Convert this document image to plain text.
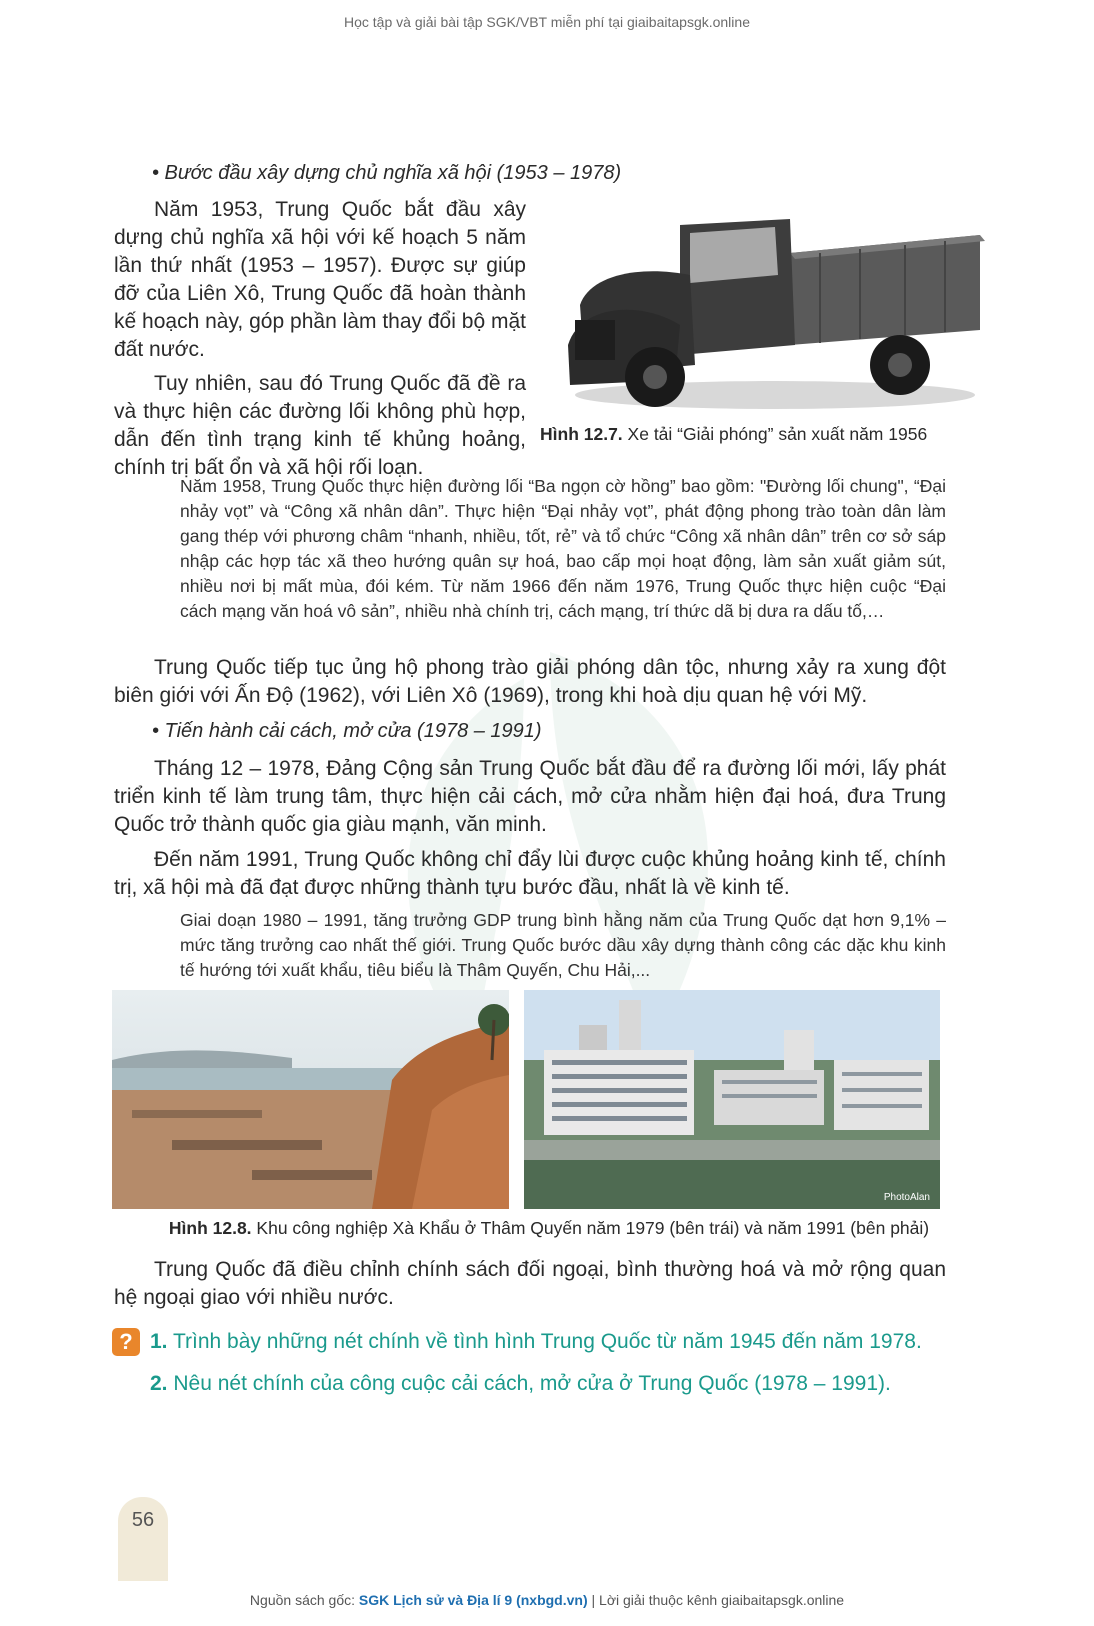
Học tập và giải bài tập SGK/VBT miễn phí tại giaibaitapsgk.online
• Bước đầu xây dựng chủ nghĩa xã hội (1953 – 1978)

Năm 1953, Trung Quốc bắt đầu xây dựng chủ nghĩa xã hội với kế hoạch 5 năm lần thứ nhất (1953 – 1957). Được sự giúp đỡ của Liên Xô, Trung Quốc đã hoàn thành kế hoạch này, góp phần làm thay đổi bộ mặt đất nước.

Tuy nhiên, sau đó Trung Quốc đã đề ra và thực hiện các đường lối không phù hợp, dẫn đến tình trạng kinh tế khủng hoảng, chính trị bất ổn và xã hội rối loạn.

Hình 12.7. Xe tải “Giải phóng” sản xuất năm 1956

Năm 1958, Trung Quốc thực hiện đường lối “Ba ngọn cờ hồng” bao gồm: "Đường lối chung", “Đại nhảy vọt” và “Công xã nhân dân”. Thực hiện “Đại nhảy vọt”, phát động phong trào toàn dân làm gang thép với phương châm “nhanh, nhiều, tốt, rẻ” và tổ chức “Công xã nhân dân” trên cơ sở sáp nhập các hợp tác xã theo hướng quân sự hoá, bao cấp mọi hoạt động, làm sản xuất giảm sút, nhiều nơi bị mất mùa, đói kém. Từ năm 1966 đến năm 1976, Trung Quốc thực hiện cuộc “Đại cách mạng văn hoá vô sản”, nhiều nhà chính trị, cách mạng, trí thức dã bị dưa ra dấu tố,…

Trung Quốc tiếp tục ủng hộ phong trào giải phóng dân tộc, nhưng xảy ra xung đột biên giới với Ấn Độ (1962), với Liên Xô (1969), trong khi hoà dịu quan hệ với Mỹ.

• Tiến hành cải cách, mở cửa (1978 – 1991)

Tháng 12 – 1978, Đảng Cộng sản Trung Quốc bắt đầu để ra đường lối mới, lấy phát triển kinh tế làm trung tâm, thực hiện cải cách, mở cửa nhằm hiện đại hoá, đưa Trung Quốc trở thành quốc gia giàu mạnh, văn minh.

Đến năm 1991, Trung Quốc không chỉ đẩy lùi được cuộc khủng hoảng kinh tế, chính trị, xã hội mà đã đạt được những thành tựu bước đầu, nhất là về kinh tế.

Giai doạn 1980 – 1991, tăng trưởng GDP trung bình hằng năm của Trung Quốc dạt hơn 9,1% – mức tăng trưởng cao nhất thế giới. Trung Quốc bước dầu xây dựng thành công các dặc khu kinh tế hướng tới xuất khẩu, tiêu biểu là Thâm Quyến, Chu Hải,...

PhotoAlan
Hình 12.8. Khu công nghiệp Xà Khẩu ở Thâm Quyến năm 1979 (bên trái) và năm 1991 (bên phải)

Trung Quốc đã điều chỉnh chính sách đối ngoại, bình thường hoá và mở rộng quan hệ ngoại giao với nhiều nước.

? 1. Trình bày những nét chính về tình hình Trung Quốc từ năm 1945 đến năm 1978.
2. Nêu nét chính của công cuộc cải cách, mở cửa ở Trung Quốc (1978 – 1991).
56
Nguồn sách gốc: SGK Lịch sử và Địa lí 9 (nxbgd.vn) | Lời giải thuộc kênh giaibaitapsgk.online
